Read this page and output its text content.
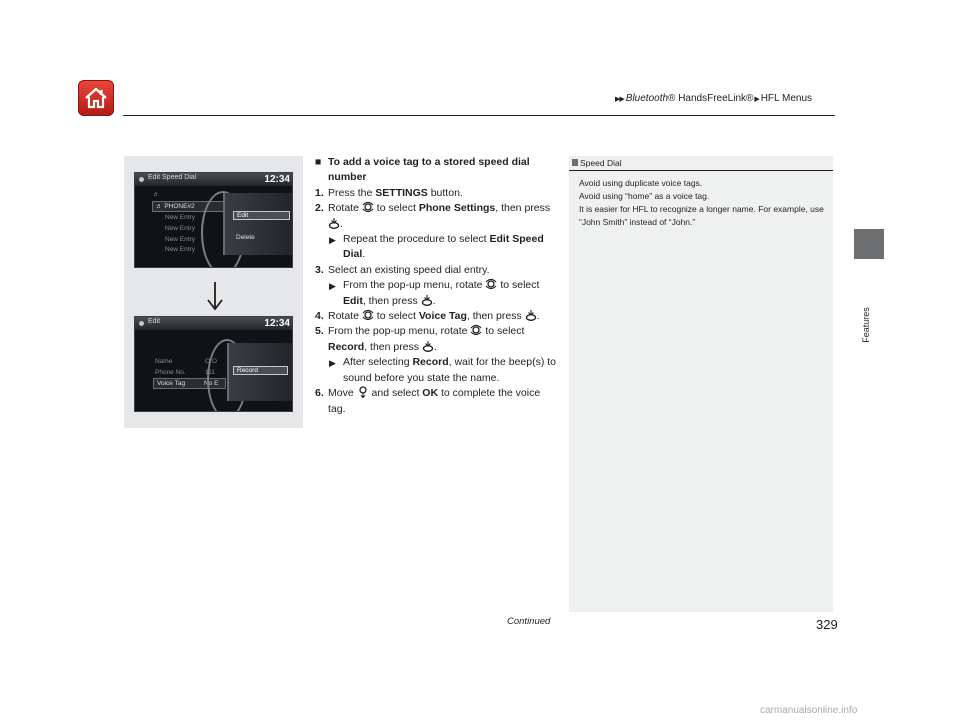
▶▶ Bluetooth® HandsFreeLink® ▶ HFL Menus
Features
Edit Speed Dial	12:34
♬
♬ PHONE#2
New Entry
New Entry
New Entry
New Entry
Edit
Delete
Edit	12:34
Name	O O
Phone No.	111
Voice Tag	No E
Record

■ To add a voice tag to a stored speed dial number

1. Press the SETTINGS button.

2. Rotate  to select Phone Settings, then press .

▶ Repeat the procedure to select Edit Speed Dial.

3. Select an existing speed dial entry.

▶ From the pop-up menu, rotate  to select Edit, then press .

4. Rotate  to select Voice Tag, then press .

5. From the pop-up menu, rotate  to select Record, then press .

▶ After selecting Record, wait for the beep(s) to sound before you state the name.

6. Move  and select OK to complete the voice tag.

Speed Dial

Avoid using duplicate voice tags.

Avoid using “home” as a voice tag.

It is easier for HFL to recognize a longer name. For example, use “John Smith” instead of “John.”

Continued	329
carmanualsonline.info
